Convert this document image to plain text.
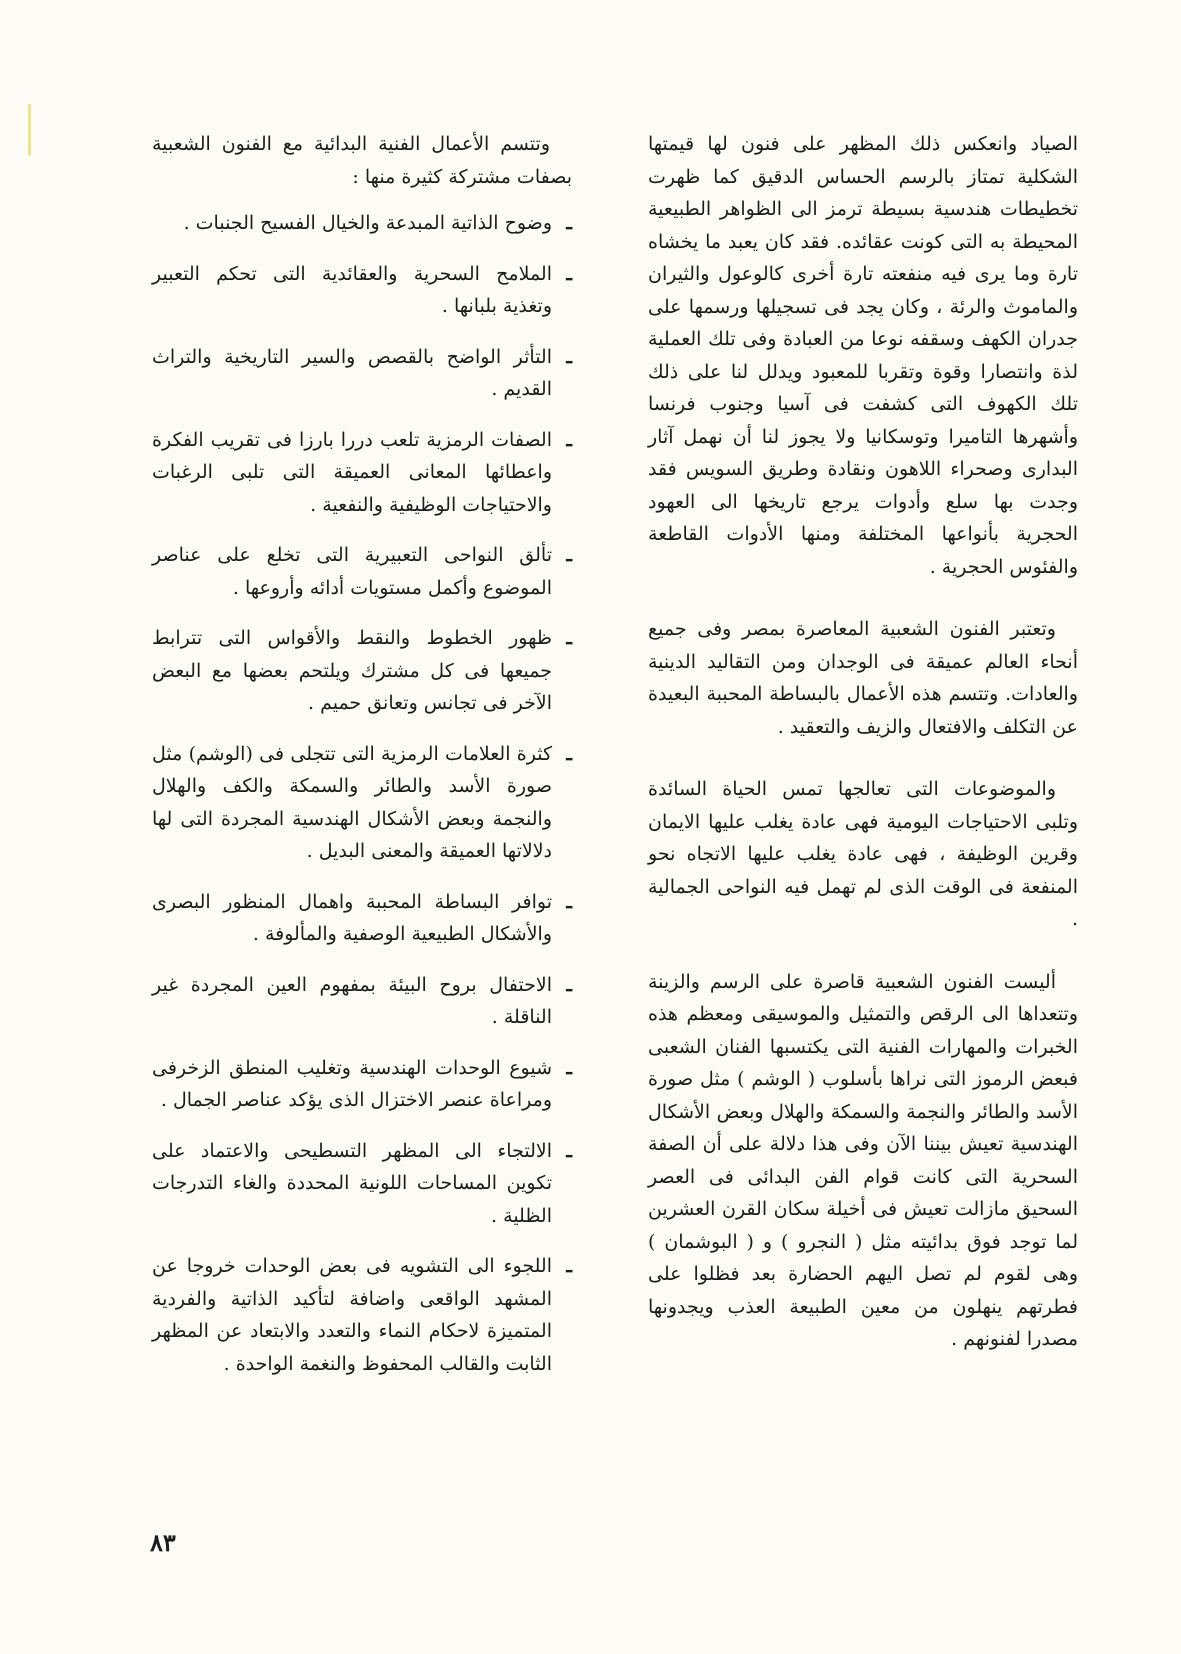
الصياد وانعكس ذلك المظهر على فنون لها قيمتها الشكلية تمتاز بالرسم الحساس الدقيق كما ظهرت تخطيطات هندسية بسيطة ترمز الى الظواهر الطبيعية المحيطة به التى كونت عقائده. فقد كان يعبد ما يخشاه تارة وما يرى فيه منفعته تارة أخرى كالوعول والثيران والماموث والرئة ، وكان يجد فى تسجيلها ورسمها على جدران الكهف وسقفه نوعا من العبادة وفى تلك العملية لذة وانتصارا وقوة وتقربا للمعبود ويدلل لنا على ذلك تلك الكهوف التى كشفت فى آسيا وجنوب فرنسا وأشهرها التاميرا وتوسكانيا ولا يجوز لنا أن نهمل آثار البدارى وصحراء اللاهون ونقادة وطريق السويس فقد وجدت بها سلع وأدوات يرجع تاريخها الى العهود الحجرية بأنواعها المختلفة ومنها الأدوات القاطعة والفئوس الحجرية .

وتعتبر الفنون الشعبية المعاصرة بمصر وفى جميع أنحاء العالم عميقة فى الوجدان ومن التقاليد الدينية والعادات. وتتسم هذه الأعمال بالبساطة المحببة البعيدة عن التكلف والافتعال والزيف والتعقيد .

والموضوعات التى تعالجها تمس الحياة السائدة وتلبى الاحتياجات اليومية فهى عادة يغلب عليها الايمان وقرين الوظيفة ، فهى عادة يغلب عليها الاتجاه نحو المنفعة فى الوقت الذى لم تهمل فيه النواحى الجمالية .

أليست الفنون الشعبية قاصرة على الرسم والزينة وتتعداها الى الرقص والتمثيل والموسيقى ومعظم هذه الخبرات والمهارات الفنية التى يكتسبها الفنان الشعبى فبعض الرموز التى نراها بأسلوب ( الوشم ) مثل صورة الأسد والطائر والنجمة والسمكة والهلال وبعض الأشكال الهندسية تعيش بيننا الآن وفى هذا دلالة على أن الصفة السحرية التى كانت قوام الفن البدائى فى العصر السحيق مازالت تعيش فى أخيلة سكان القرن العشرين لما توجد فوق بدائيته مثل ( النجرو ) و ( البوشمان ) وهى لقوم لم تصل اليهم الحضارة بعد فظلوا على فطرتهم ينهلون من معين الطبيعة العذب ويجدونها مصدرا لفنونهم .

وتتسم الأعمال الفنية البدائية مع الفنون الشعبية بصفات مشتركة كثيرة منها :

ـ
وضوح الذاتية المبدعة والخيال الفسيح الجنبات .
ـ
الملامح السحرية والعقائدية التى تحكم التعبير وتغذية بلبانها .
ـ
التأثر الواضح بالقصص والسير التاريخية والتراث القديم .
ـ
الصفات الرمزية تلعب دررا بارزا فى تقريب الفكرة واعطائها المعانى العميقة التى تلبى الرغبات والاحتياجات الوظيفية والنفعية .
ـ
تألق النواحى التعبيرية التى تخلع على عناصر الموضوع وأكمل مستويات أدائه وأروعها .
ـ
ظهور الخطوط والنقط والأقواس التى تترابط جميعها فى كل مشترك ويلتحم بعضها مع البعض الآخر فى تجانس وتعانق حميم .
ـ
كثرة العلامات الرمزية التى تتجلى فى (الوشم) مثل صورة الأسد والطائر والسمكة والكف والهلال والنجمة وبعض الأشكال الهندسية المجردة التى لها دلالاتها العميقة والمعنى البديل .
ـ
توافر البساطة المحببة واهمال المنظور البصرى والأشكال الطبيعية الوصفية والمألوفة .
ـ
الاحتفال بروح البيئة بمفهوم العين المجردة غير الناقلة .
ـ
شيوع الوحدات الهندسية وتغليب المنطق الزخرفى ومراعاة عنصر الاختزال الذى يؤكد عناصر الجمال .
ـ
الالتجاء الى المظهر التسطيحى والاعتماد على تكوين المساحات اللونية المحددة والغاء التدرجات الظلية .
ـ
اللجوء الى التشويه فى بعض الوحدات خروجا عن المشهد الواقعى واضافة لتأكيد الذاتية والفردية المتميزة لاحكام النماء والتعدد والابتعاد عن المظهر الثابت والقالب المحفوظ والنغمة الواحدة .
٨٣
